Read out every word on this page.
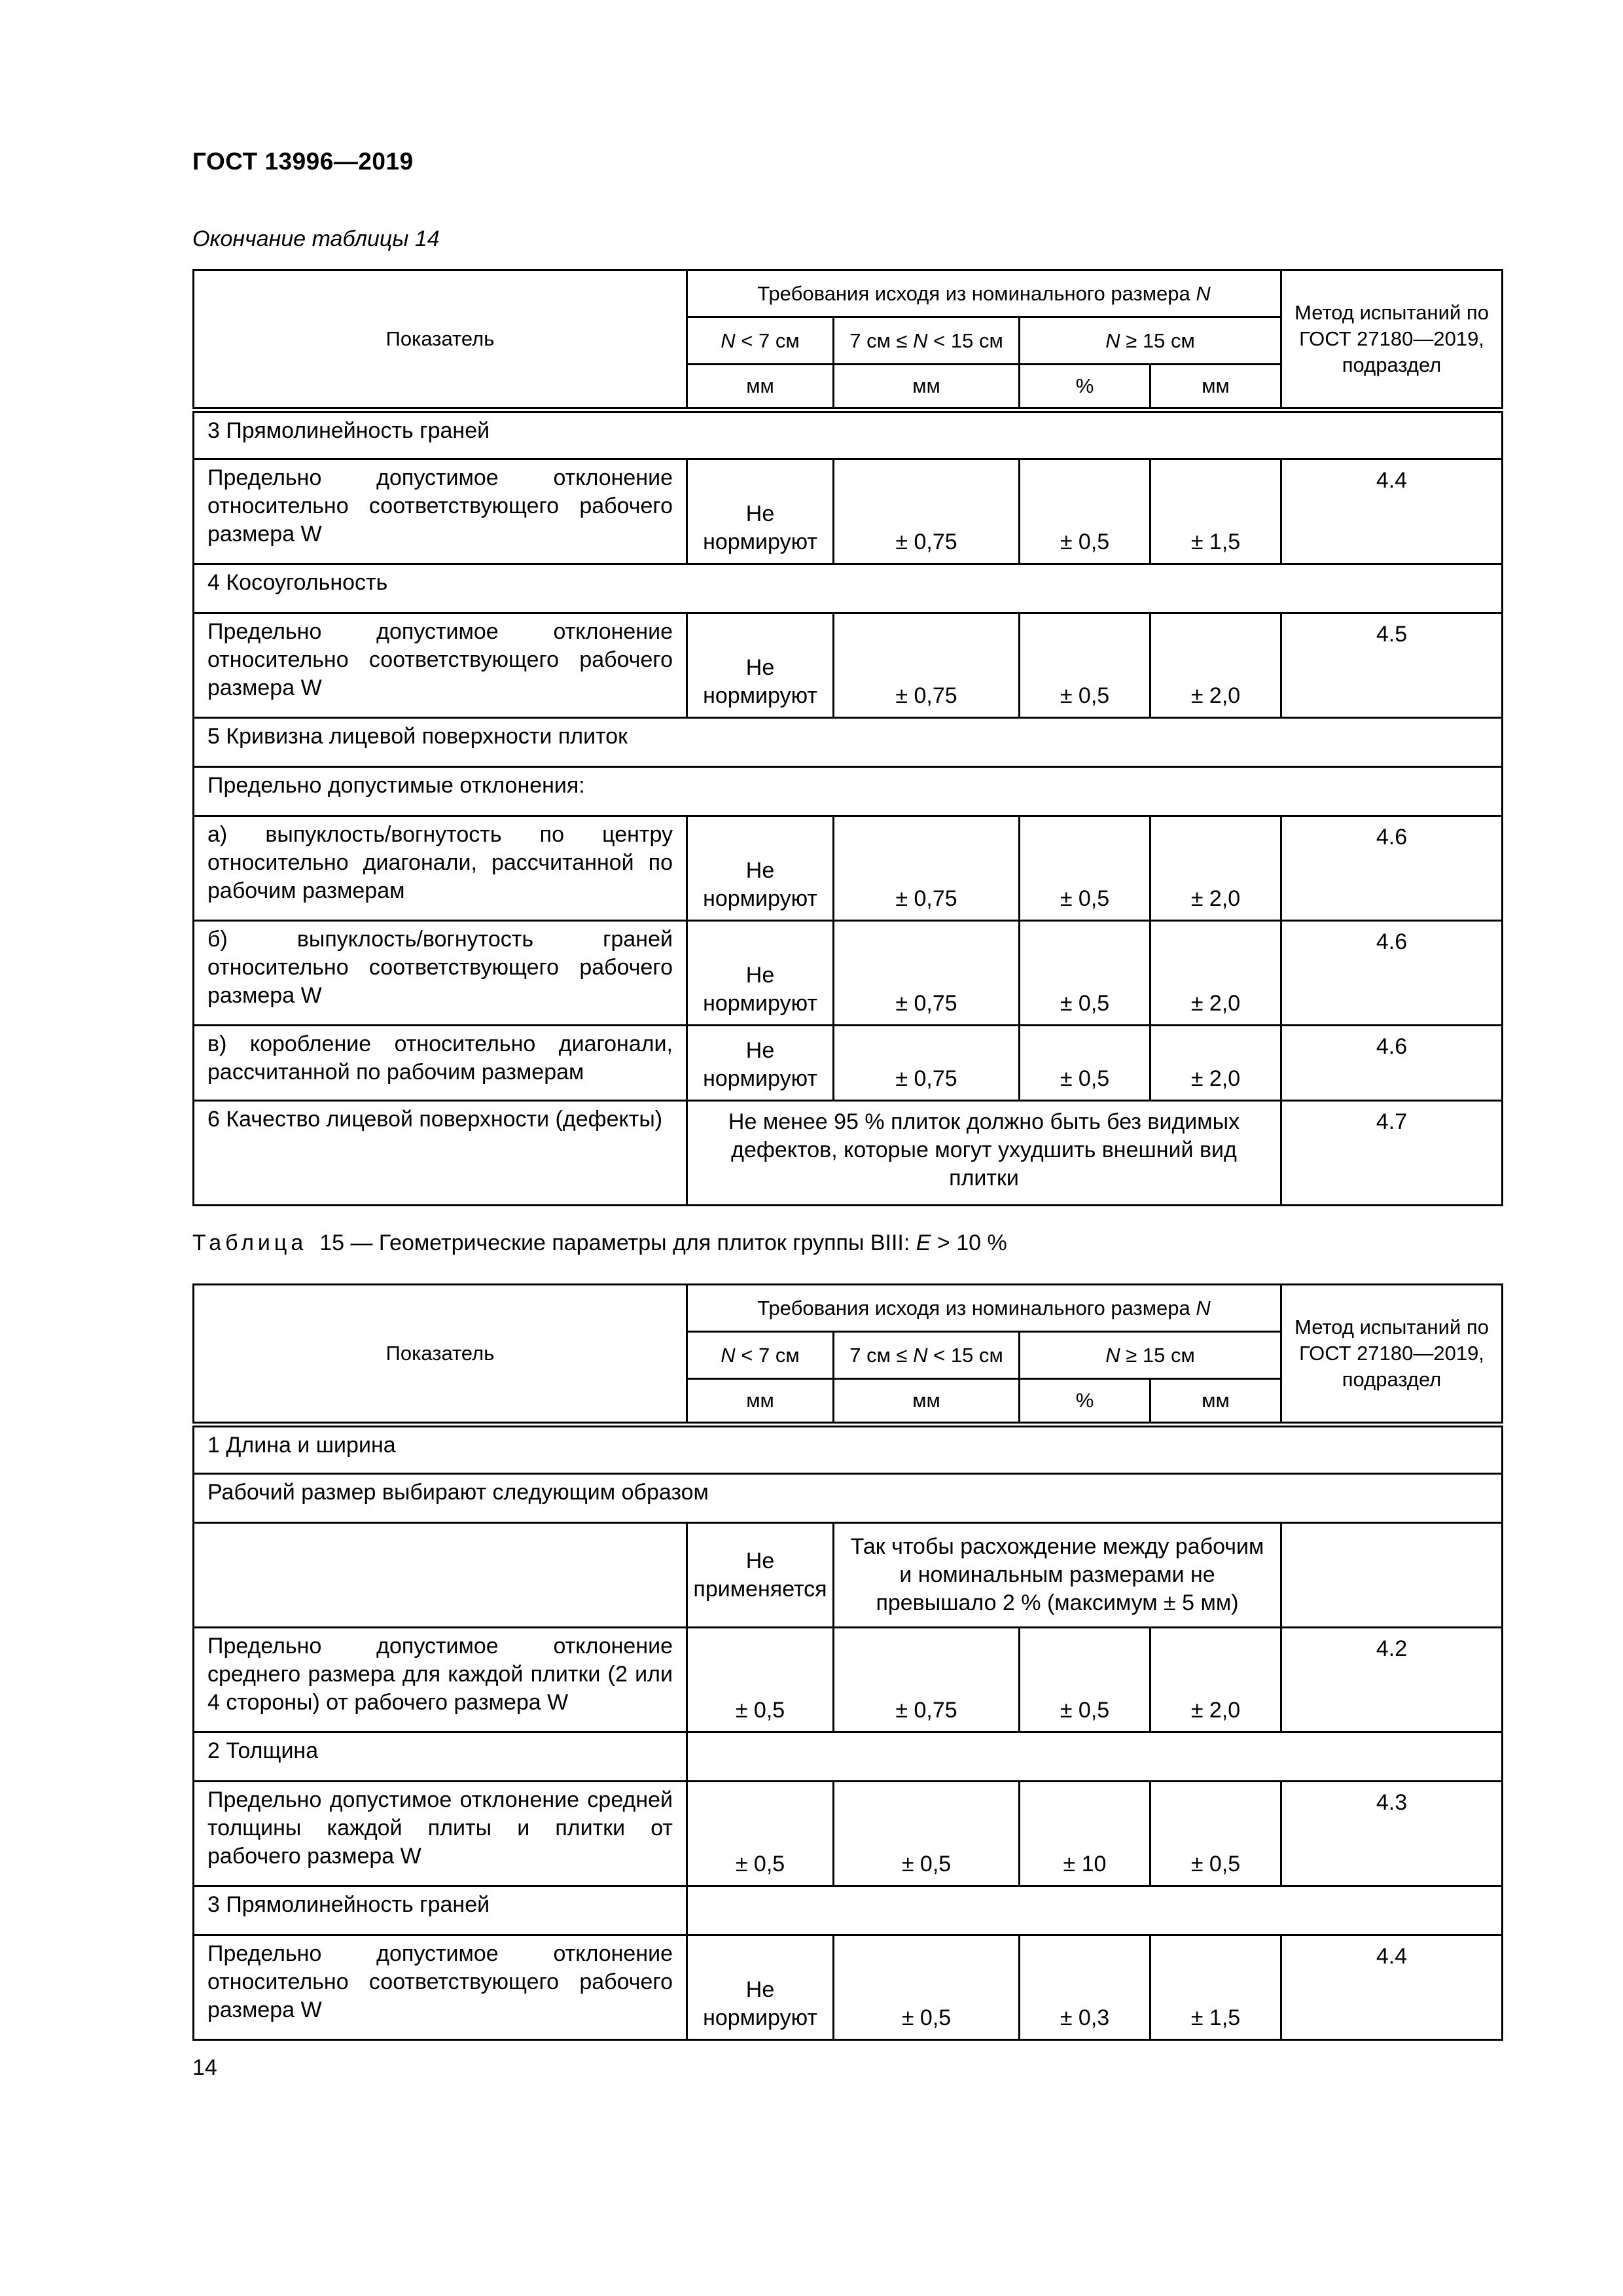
ГОСТ 13996—2019
Окончание таблицы 14
Показатель	Требования исходя из номинального размера N				Метод испытаний по ГОСТ 27180—2019, подраздел
	N < 7 см	7 см ≤ N < 15 см	N ≥ 15 см		
	мм	мм	%	мм	
3 Прямолинейность граней					
Предельно допустимое отклонение относительно соответствующего рабочего размера W	Не нормируют	± 0,75	± 0,5	± 1,5	4.4
4 Косоугольность					
Предельно допустимое отклонение относительно соответствующего рабочего размера W	Не нормируют	± 0,75	± 0,5	± 2,0	4.5
5 Кривизна лицевой поверхности плиток					
Предельно допустимые отклонения:					
а) выпуклость/вогнутость по центру относительно диагонали, рассчитанной по рабочим размерам	Не нормируют	± 0,75	± 0,5	± 2,0	4.6
б) выпуклость/вогнутость граней относительно соответствующего рабочего размера W	Не нормируют	± 0,75	± 0,5	± 2,0	4.6
в) коробление относительно диагонали, рассчитанной по рабочим размерам	Не нормируют	± 0,75	± 0,5	± 2,0	4.6
6 Качество лицевой поверхности (дефекты)	Не менее 95 % плиток должно быть без видимых дефектов, которые могут ухудшить внешний вид плитки				4.7
Таблица 15 — Геометрические параметры для плиток группы BIII: E > 10 %
Показатель	Требования исходя из номинального размера N				Метод испытаний по ГОСТ 27180—2019, подраздел
	N < 7 см	7 см ≤ N < 15 см	N ≥ 15 см		
	мм	мм	%	мм	
1 Длина и ширина					
Рабочий размер выбирают следующим образом					
	Не применяется	Так чтобы расхождение между рабочим и номинальным размерами не превышало 2 % (максимум ± 5 мм)			
Предельно допустимое отклонение среднего размера для каждой плитки (2 или 4 стороны) от рабочего размера W	± 0,5	± 0,75	± 0,5	± 2,0	4.2
2 Толщина					
Предельно допустимое отклонение средней толщины каждой плиты и плитки от рабочего размера W	± 0,5	± 0,5	± 10	± 0,5	4.3
3 Прямолинейность граней					
Предельно допустимое отклонение относительно соответствующего рабочего размера W	Не нормируют	± 0,5	± 0,3	± 1,5	4.4
14
